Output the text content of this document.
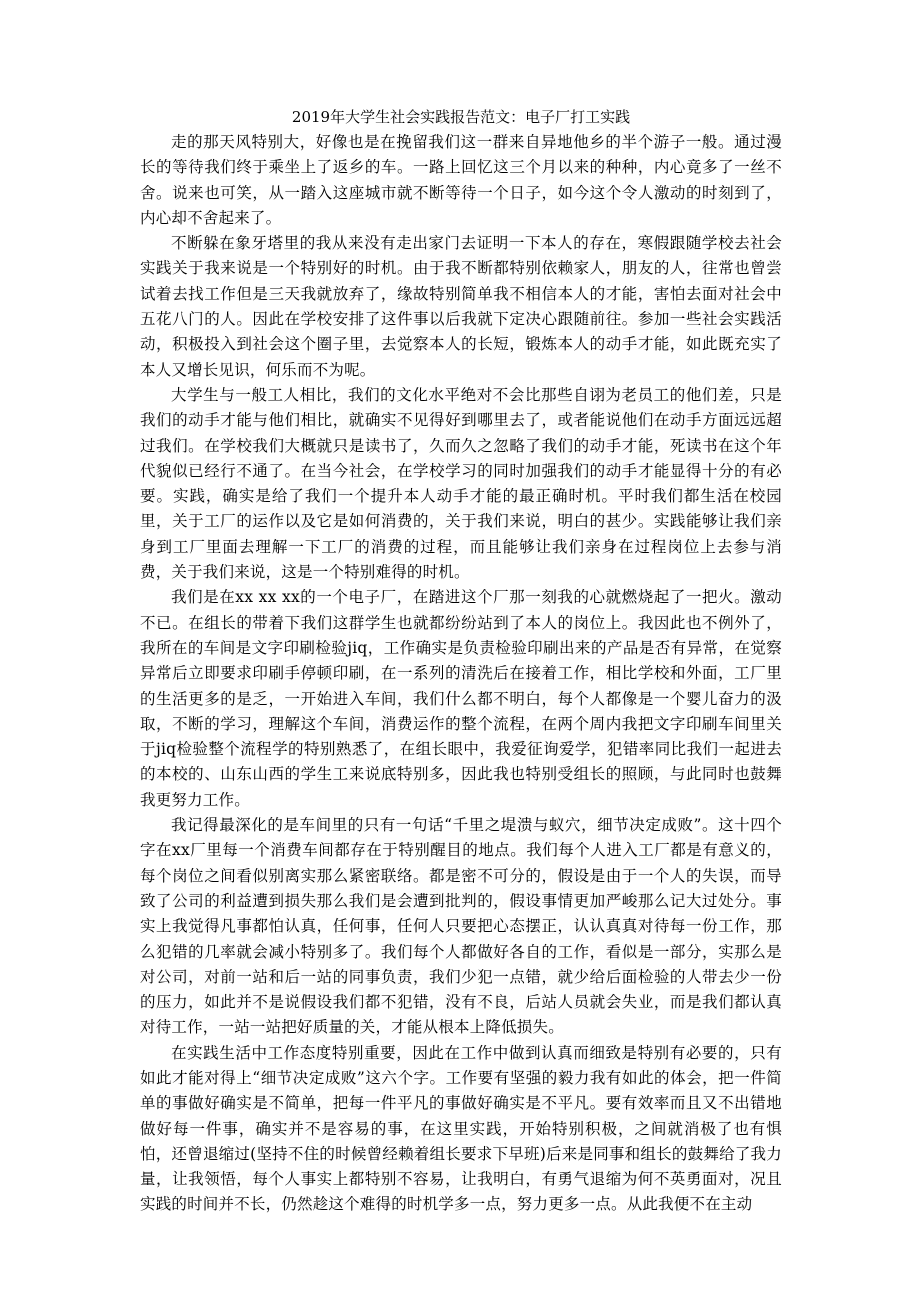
2019年大学生社会实践报告范文：电子厂打工实践

走的那天风特别大，好像也是在挽留我们这一群来自异地他乡的半个游子一般。通过漫长的等待我们终于乘坐上了返乡的车。一路上回忆这三个月以来的种种，内心竟多了一丝不舍。说来也可笑，从一踏入这座城市就不断等待一个日子，如今这个令人激动的时刻到了，内心却不舍起来了。

不断躲在象牙塔里的我从来没有走出家门去证明一下本人的存在，寒假跟随学校去社会实践关于我来说是一个特别好的时机。由于我不断都特别依赖家人，朋友的人，往常也曾尝试着去找工作但是三天我就放弃了，缘故特别简单我不相信本人的才能，害怕去面对社会中五花八门的人。因此在学校安排了这件事以后我就下定决心跟随前往。参加一些社会实践活动，积极投入到社会这个圈子里，去觉察本人的长短，锻炼本人的动手才能，如此既充实了本人又增长见识，何乐而不为呢。

大学生与一般工人相比，我们的文化水平绝对不会比那些自诩为老员工的他们差，只是我们的动手才能与他们相比，就确实不见得好到哪里去了，或者能说他们在动手方面远远超过我们。在学校我们大概就只是读书了，久而久之忽略了我们的动手才能，死读书在这个年代貌似已经行不通了。在当今社会，在学校学习的同时加强我们的动手才能显得十分的有必要。实践，确实是给了我们一个提升本人动手才能的最正确时机。平时我们都生活在校园里，关于工厂的运作以及它是如何消费的，关于我们来说，明白的甚少。实践能够让我们亲身到工厂里面去理解一下工厂的消费的过程，而且能够让我们亲身在过程岗位上去参与消费，关于我们来说，这是一个特别难得的时机。

我们是在xx xx xx的一个电子厂，在踏进这个厂那一刻我的心就燃烧起了一把火。激动不已。在组长的带着下我们这群学生也就都纷纷站到了本人的岗位上。我因此也不例外了，我所在的车间是文字印刷检验jiq，工作确实是负责检验印刷出来的产品是否有异常，在觉察异常后立即要求印刷手停顿印刷，在一系列的清洗后在接着工作，相比学校和外面，工厂里的生活更多的是乏，一开始进入车间，我们什么都不明白，每个人都像是一个婴儿奋力的汲取，不断的学习，理解这个车间，消费运作的整个流程，在两个周内我把文字印刷车间里关于jiq检验整个流程学的特别熟悉了，在组长眼中，我爱征询爱学，犯错率同比我们一起进去的本校的、山东山西的学生工来说底特别多，因此我也特别受组长的照顾，与此同时也鼓舞我更努力工作。

我记得最深化的是车间里的只有一句话“千里之堤溃与蚁穴，细节决定成败”。这十四个字在xx厂里每一个消费车间都存在于特别醒目的地点。我们每个人进入工厂都是有意义的，每个岗位之间看似别离实那么紧密联络。都是密不可分的，假设是由于一个人的失误，而导致了公司的利益遭到损失那么我们是会遭到批判的，假设事情更加严峻那么记大过处分。事实上我觉得凡事都怕认真，任何事，任何人只要把心态摆正，认认真真对待每一份工作，那么犯错的几率就会减小特别多了。我们每个人都做好各自的工作，看似是一部分，实那么是对公司，对前一站和后一站的同事负责，我们少犯一点错，就少给后面检验的人带去少一份的压力，如此并不是说假设我们都不犯错，没有不良，后站人员就会失业，而是我们都认真对待工作，一站一站把好质量的关，才能从根本上降低损失。

在实践生活中工作态度特别重要，因此在工作中做到认真而细致是特别有必要的，只有如此才能对得上“细节决定成败”这六个字。工作要有坚强的毅力我有如此的体会，把一件简单的事做好确实是不简单，把每一件平凡的事做好确实是不平凡。要有效率而且又不出错地做好每一件事，确实并不是容易的事，在这里实践，开始特别积极，之间就消极了也有惧怕，还曾退缩过(坚持不住的时候曾经赖着组长要求下早班)后来是同事和组长的鼓舞给了我力量，让我领悟，每个人事实上都特别不容易，让我明白，有勇气退缩为何不英勇面对，况且实践的时间并不长，仍然趁这个难得的时机学多一点，努力更多一点。从此我便不在主动
